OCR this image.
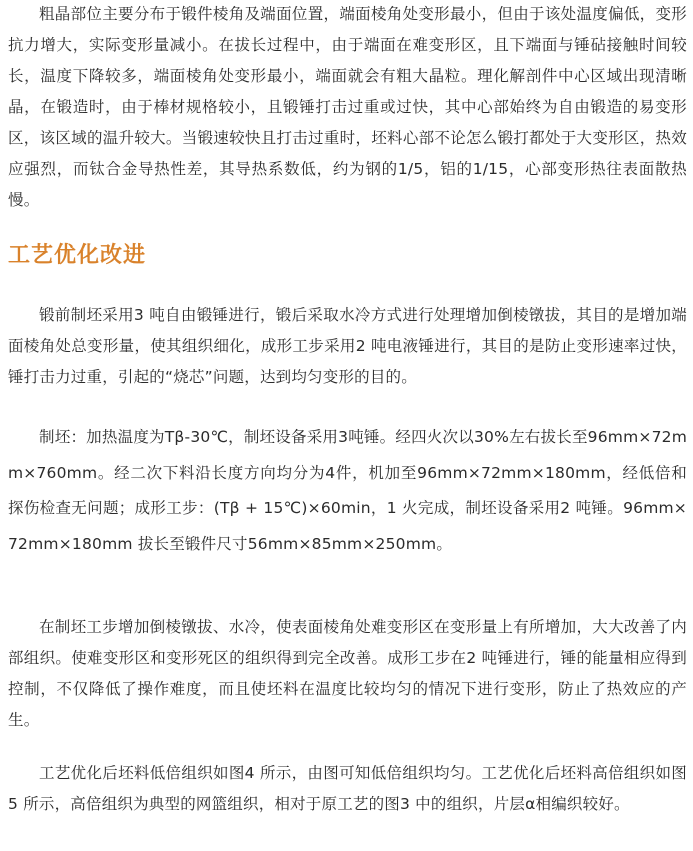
粗晶部位主要分布于锻件棱角及端面位置，端面棱角处变形最小，但由于该处温度偏低，变形抗力增大，实际变形量减小。在拔长过程中，由于端面在难变形区，且下端面与锤砧接触时间较长，温度下降较多，端面棱角处变形最小，端面就会有粗大晶粒。理化解剖件中心区域出现清晰晶，在锻造时，由于棒材规格较小，且锻锤打击过重或过快，其中心部始终为自由锻造的易变形区，该区域的温升较大。当锻速较快且打击过重时，坯料心部不论怎么锻打都处于大变形区，热效应强烈，而钛合金导热性差，其导热系数低，约为钢的1/5，铝的1/15，心部变形热往表面散热慢。

工艺优化改进

锻前制坯采用3 吨自由锻锤进行，锻后采取水冷方式进行处理增加倒棱镦拔，其目的是增加端面棱角处总变形量，使其组织细化，成形工步采用2 吨电液锤进行，其目的是防止变形速率过快，锤打击力过重，引起的“烧芯”问题，达到均匀变形的目的。

制坯：加热温度为Tβ-30℃，制坯设备采用3吨锤。经四火次以30%左右拔长至96mm×72mm×760mm。经二次下料沿长度方向均分为4件，机加至96mm×72mm×180mm，经低倍和探伤检查无问题；成形工步：(Tβ + 15℃)×60min，1 火完成，制坯设备采用2 吨锤。96mm×72mm×180mm 拔长至锻件尺寸56mm×85mm×250mm。

在制坯工步增加倒棱镦拔、水冷，使表面棱角处难变形区在变形量上有所增加，大大改善了内部组织。使难变形区和变形死区的组织得到完全改善。成形工步在2 吨锤进行，锤的能量相应得到控制，不仅降低了操作难度，而且使坯料在温度比较均匀的情况下进行变形，防止了热效应的产生。

工艺优化后坯料低倍组织如图4 所示，由图可知低倍组织均匀。工艺优化后坯料高倍组织如图5 所示，高倍组织为典型的网篮组织，相对于原工艺的图3 中的组织，片层α相编织较好。
